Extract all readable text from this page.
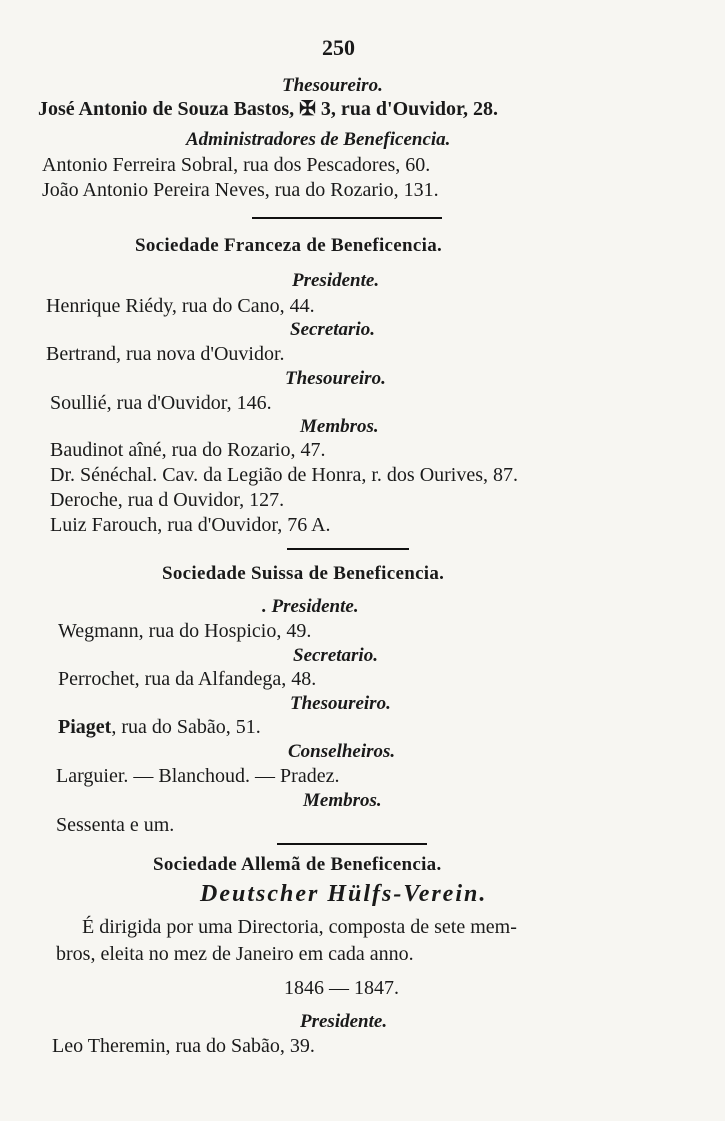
250
Thesoureiro.
José Antonio de Souza Bastos, ✠ 3, rua d'Ouvidor, 28.
Administradores de Beneficencia.
Antonio Ferreira Sobral, rua dos Pescadores, 60.
João Antonio Pereira Neves, rua do Rozario, 131.
Sociedade Franceza de Beneficencia.
Presidente.
Henrique Riédy, rua do Cano, 44.
Secretario.
Bertrand, rua nova d'Ouvidor.
Thesoureiro.
Soullié, rua d'Ouvidor, 146.
Membros.
Baudinot aîné, rua do Rozario, 47.
Dr. Sénéchal. Cav. da Legião de Honra, r. dos Ourives, 87.
Deroche, rua d Ouvidor, 127.
Luiz Farouch, rua d'Ouvidor, 76 A.
Sociedade Suissa de Beneficencia.
. Presidente.
Wegmann, rua do Hospicio, 49.
Secretario.
Perrochet, rua da Alfandega, 48.
Thesoureiro.
Piaget, rua do Sabão, 51.
Conselheiros.
Larguier. — Blanchoud. — Pradez.
Membros.
Sessenta e um.
Sociedade Allemã de Beneficencia.
Deutscher Hülfs-Verein.
É dirigida por uma Directoria, composta de sete mem-
bros, eleita no mez de Janeiro em cada anno.
1846 — 1847.
Presidente.
Leo Theremin, rua do Sabão, 39.
